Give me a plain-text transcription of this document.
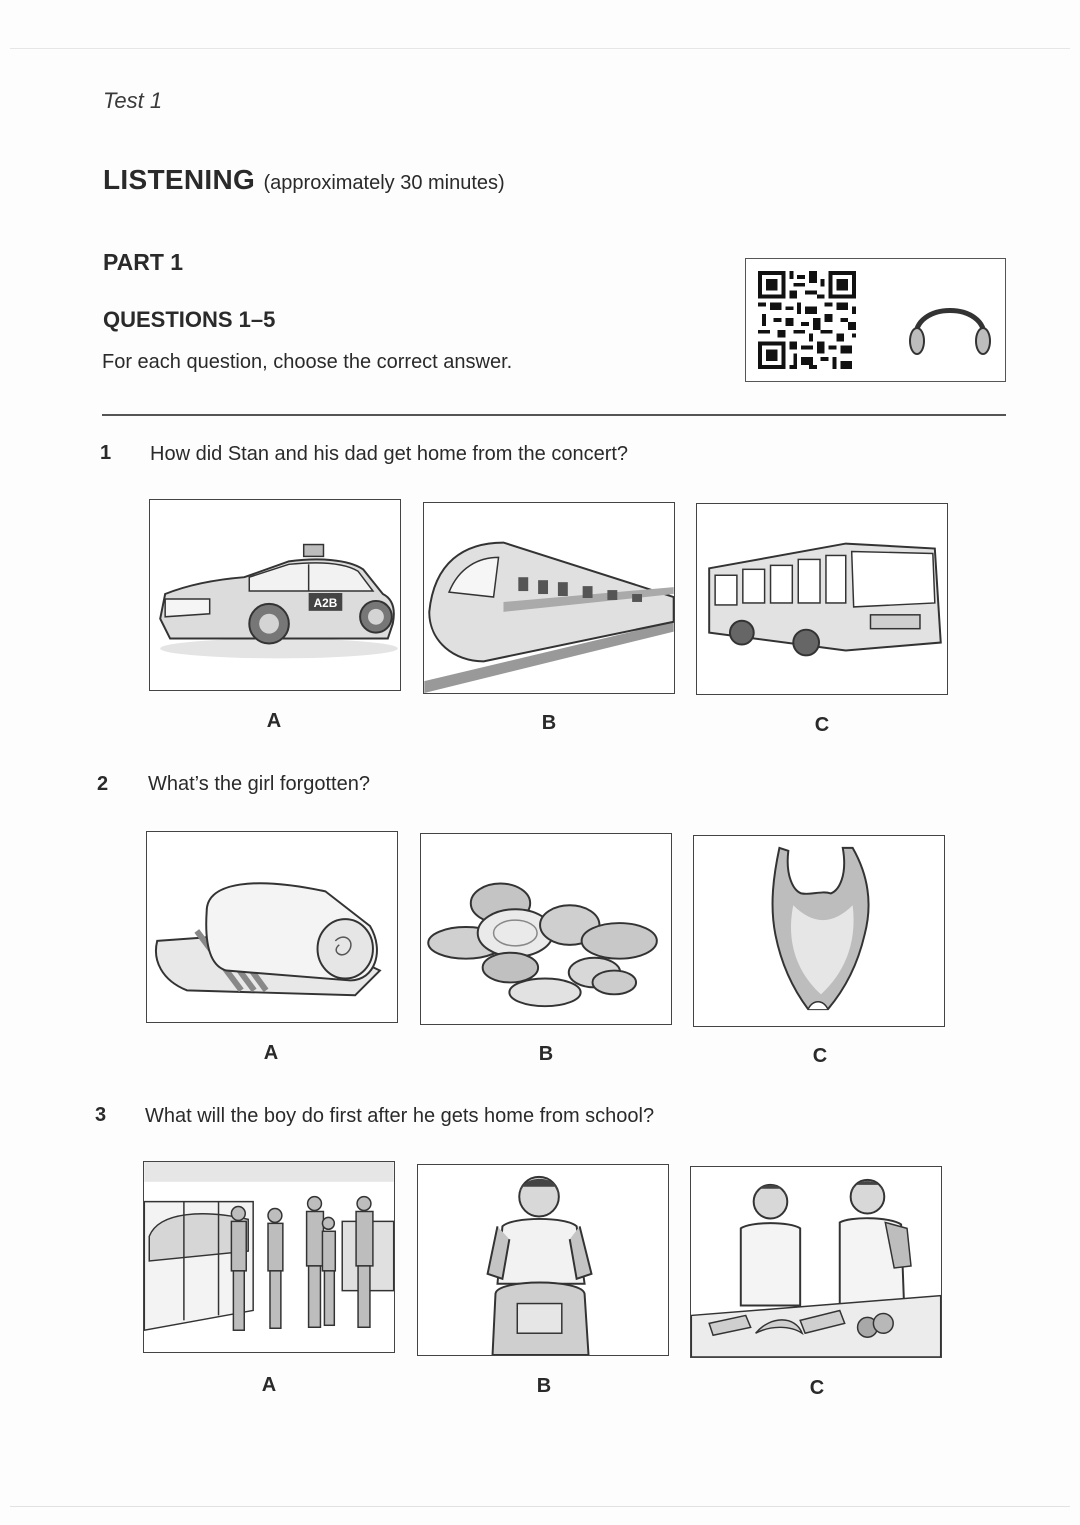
Test 1
LISTENING (approximately 30 minutes)
PART 1
QUESTIONS 1–5
For each question, choose the correct answer.
1 How did Stan and his dad get home from the concert?
A2B
A	B	C
2 What’s the girl forgotten?
A	B	C
3 What will the boy do first after he gets home from school?
A	B	C
